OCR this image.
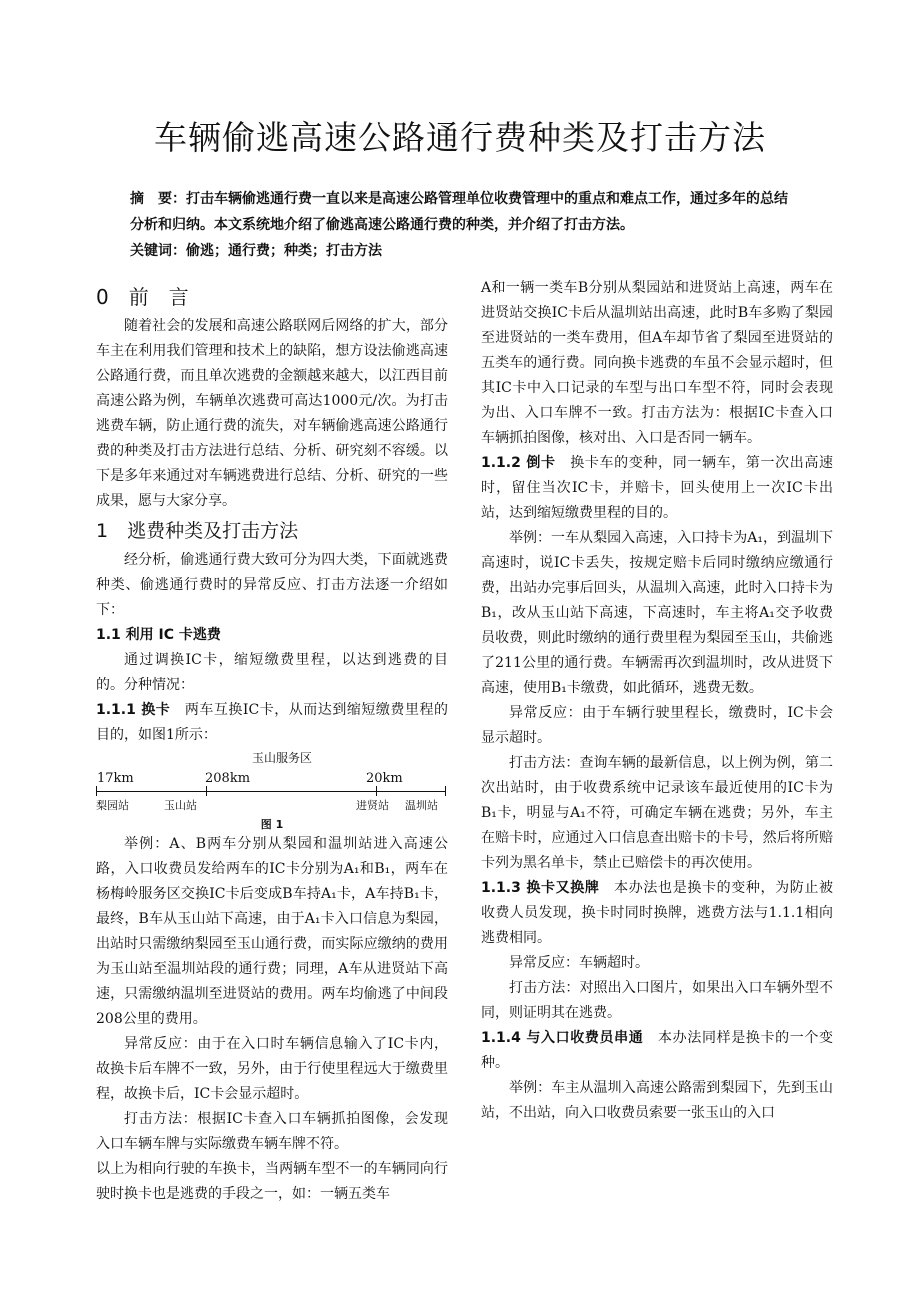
车辆偷逃高速公路通行费种类及打击方法

摘　要：打击车辆偷逃通行费一直以来是高速公路管理单位收费管理中的重点和难点工作，通过多年的总结分析和归纳。本文系统地介绍了偷逃高速公路通行费的种类，并介绍了打击方法。

关键词：偷逃；通行费；种类；打击方法

0　前　言

随着社会的发展和高速公路联网后网络的扩大，部分车主在利用我们管理和技术上的缺陷，想方设法偷逃高速公路通行费，而且单次逃费的金额越来越大，以江西目前高速公路为例，车辆单次逃费可高达1000元/次。为打击逃费车辆，防止通行费的流失，对车辆偷逃高速公路通行费的种类及打击方法进行总结、分析、研究刻不容缓。以下是多年来通过对车辆逃费进行总结、分析、研究的一些成果，愿与大家分享。

1　逃费种类及打击方法

经分析，偷逃通行费大致可分为四大类，下面就逃费种类、偷逃通行费时的异常反应、打击方法逐一介绍如下：

1.1 利用 IC 卡逃费

通过调换IC卡，缩短缴费里程，以达到逃费的目的。分种情况：

1.1.1 换卡　两车互换IC卡，从而达到缩短缴费里程的目的，如图1所示：

玉山服务区
17km	208km	20km
梨园站	玉山站	进贤站 温圳站
图 1

举例：A、B两车分别从梨园和温圳站进入高速公路，入口收费员发给两车的IC卡分别为A₁和B₁，两车在杨梅岭服务区交换IC卡后变成B车持A₁卡，A车持B₁卡，最终，B车从玉山站下高速，由于A₁卡入口信息为梨园，出站时只需缴纳梨园至玉山通行费，而实际应缴纳的费用为玉山站至温圳站段的通行费；同理，A车从进贤站下高速，只需缴纳温圳至进贤站的费用。两车均偷逃了中间段208公里的费用。

异常反应：由于在入口时车辆信息输入了IC卡内，故换卡后车牌不一致，另外，由于行使里程远大于缴费里程，故换卡后，IC卡会显示超时。

打击方法：根据IC卡查入口车辆抓拍图像，会发现入口车辆车牌与实际缴费车辆车牌不符。

以上为相向行驶的车换卡，当两辆车型不一的车辆同向行驶时换卡也是逃费的手段之一，如：一辆五类车

A和一辆一类车B分别从梨园站和进贤站上高速，两车在进贤站交换IC卡后从温圳站出高速，此时B车多购了梨园至进贤站的一类车费用，但A车却节省了梨园至进贤站的五类车的通行费。同向换卡逃费的车虽不会显示超时，但其IC卡中入口记录的车型与出口车型不符，同时会表现为出、入口车牌不一致。打击方法为：根据IC卡查入口车辆抓拍图像，核对出、入口是否同一辆车。

1.1.2 倒卡　换卡车的变种，同一辆车，第一次出高速时，留住当次IC卡，并赔卡，回头使用上一次IC卡出站，达到缩短缴费里程的目的。

举例：一车从梨园入高速，入口持卡为A₁，到温圳下高速时，说IC卡丢失，按规定赔卡后同时缴纳应缴通行费，出站办完事后回头，从温圳入高速，此时入口持卡为B₁，改从玉山站下高速，下高速时，车主将A₁交予收费员收费，则此时缴纳的通行费里程为梨园至玉山，共偷逃了211公里的通行费。车辆需再次到温圳时，改从进贤下高速，使用B₁卡缴费，如此循环，逃费无数。

异常反应：由于车辆行驶里程长，缴费时，IC卡会显示超时。

打击方法：查询车辆的最新信息，以上例为例，第二次出站时，由于收费系统中记录该车最近使用的IC卡为B₁卡，明显与A₁不符，可确定车辆在逃费；另外，车主在赔卡时，应通过入口信息查出赔卡的卡号，然后将所赔卡列为黑名单卡，禁止已赔偿卡的再次使用。

1.1.3 换卡又换牌　本办法也是换卡的变种，为防止被收费人员发现，换卡时同时换牌，逃费方法与1.1.1相向逃费相同。

异常反应：车辆超时。

打击方法：对照出入口图片，如果出入口车辆外型不同，则证明其在逃费。

1.1.4 与入口收费员串通　本办法同样是换卡的一个变种。

举例：车主从温圳入高速公路需到梨园下，先到玉山站，不出站，向入口收费员索要一张玉山的入口
